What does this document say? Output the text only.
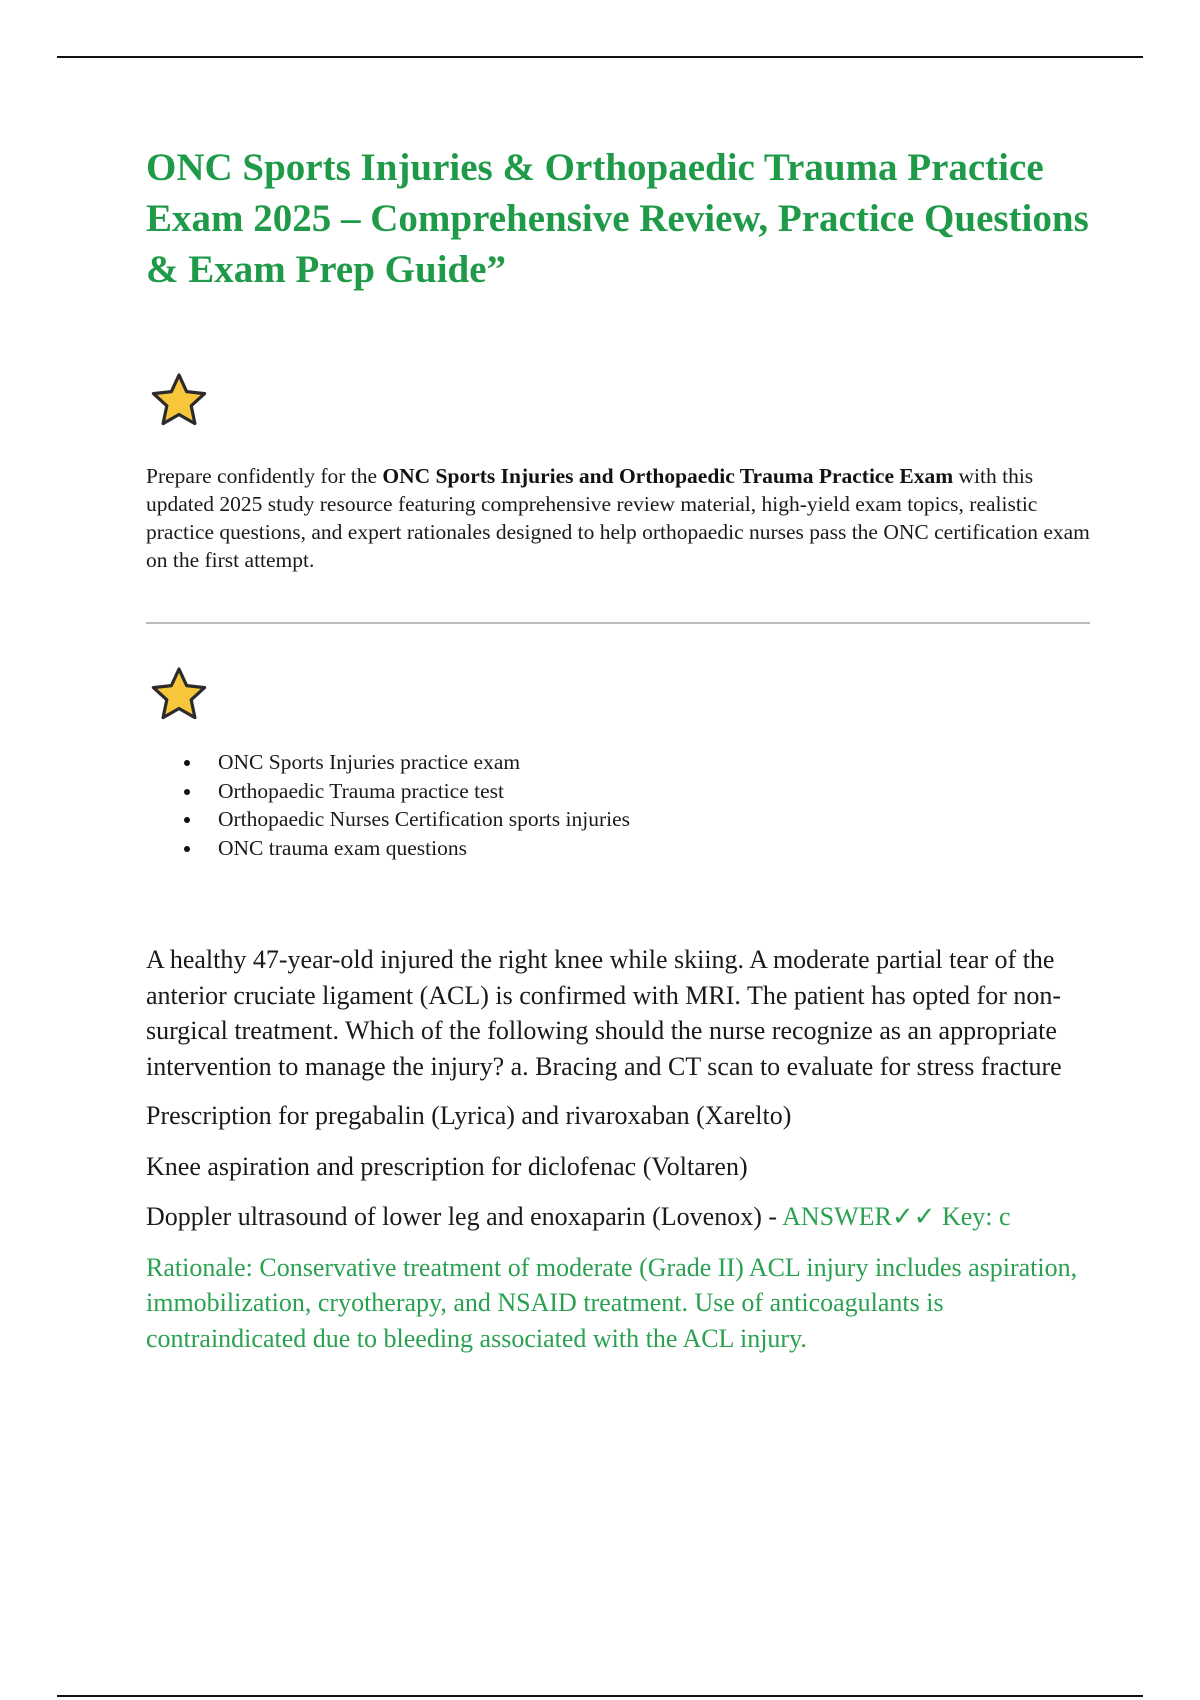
ONC Sports Injuries & Orthopaedic Trauma Practice Exam 2025 – Comprehensive Review, Practice Questions & Exam Prep Guide”

Prepare confidently for the ONC Sports Injuries and Orthopaedic Trauma Practice Exam with this updated 2025 study resource featuring comprehensive review material, high-yield exam topics, realistic practice questions, and expert rationales designed to help orthopaedic nurses pass the ONC certification exam on the first attempt.

ONC Sports Injuries practice exam
Orthopaedic Trauma practice test
Orthopaedic Nurses Certification sports injuries
ONC trauma exam questions

A healthy 47-year-old injured the right knee while skiing. A moderate partial tear of the anterior cruciate ligament (ACL) is confirmed with MRI. The patient has opted for non- surgical treatment. Which of the following should the nurse recognize as an appropriate intervention to manage the injury? a. Bracing and CT scan to evaluate for stress fracture

Prescription for pregabalin (Lyrica) and rivaroxaban (Xarelto)

Knee aspiration and prescription for diclofenac (Voltaren)

Doppler ultrasound of lower leg and enoxaparin (Lovenox) - ANSWER✓✓ Key: c

Rationale: Conservative treatment of moderate (Grade II) ACL injury includes aspiration, immobilization, cryotherapy, and NSAID treatment. Use of anticoagulants is contraindicated due to bleeding associated with the ACL injury.
